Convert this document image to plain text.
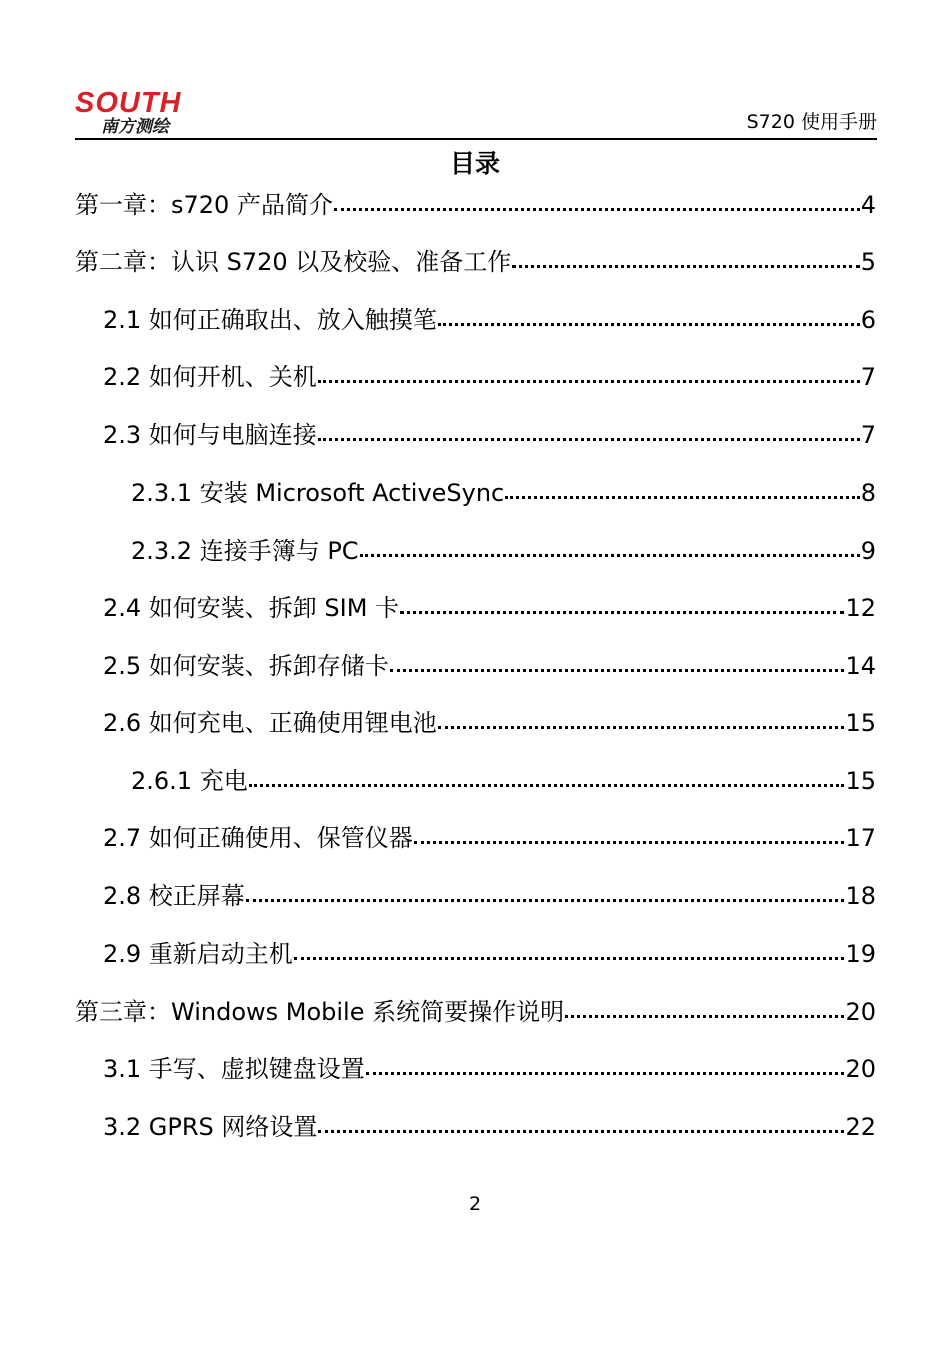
SOUTH
南方测绘	S720 使用手册
目录
第一章：s720 产品简介	4
第二章：认识 S720 以及校验、准备工作	5
2.1 如何正确取出、放入触摸笔	6
2.2 如何开机、关机	7
2.3 如何与电脑连接	7
2.3.1 安装 Microsoft ActiveSync	8
2.3.2 连接手簿与 PC	9
2.4 如何安装、拆卸 SIM 卡	12
2.5 如何安装、拆卸存储卡	14
2.6 如何充电、正确使用锂电池	15
2.6.1 充电	15
2.7 如何正确使用、保管仪器	17
2.8 校正屏幕	18
2.9 重新启动主机	19
第三章：Windows Mobile 系统简要操作说明	20
3.1 手写、虚拟键盘设置	20
3.2 GPRS 网络设置	22
2
